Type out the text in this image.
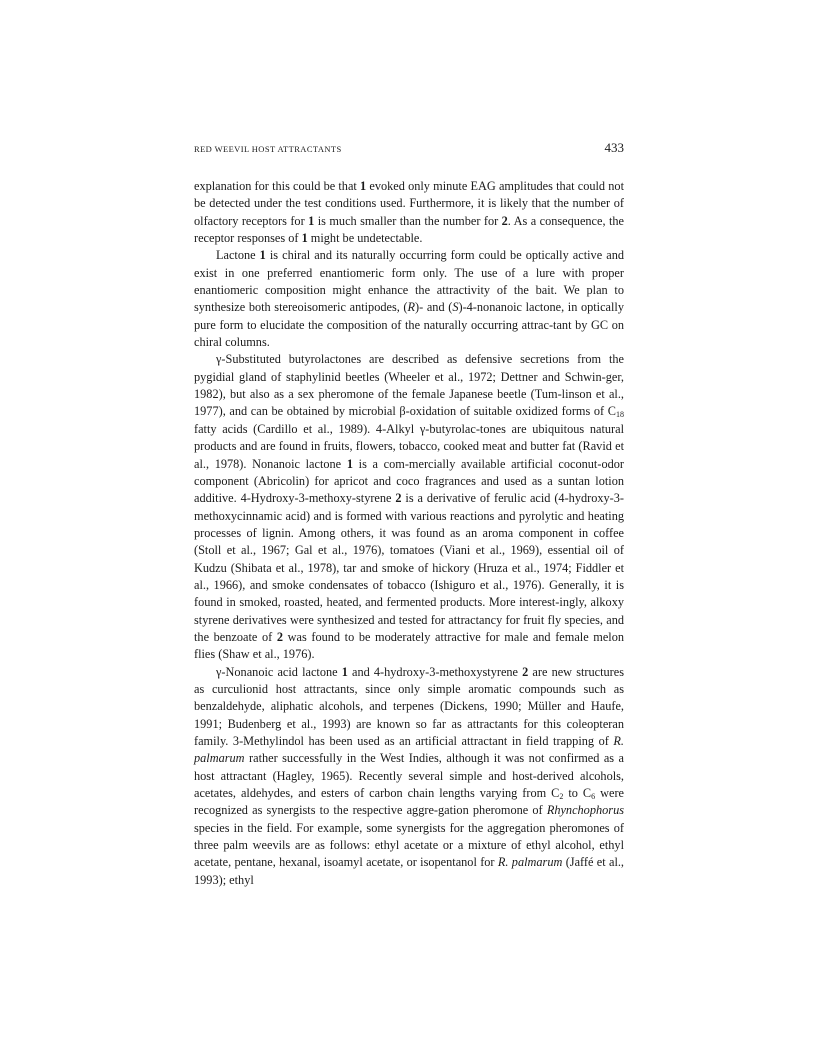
RED WEEVIL HOST ATTRACTANTS	433

explanation for this could be that 1 evoked only minute EAG amplitudes that could not be detected under the test conditions used. Furthermore, it is likely that the number of olfactory receptors for 1 is much smaller than the number for 2. As a consequence, the receptor responses of 1 might be undetectable.

Lactone 1 is chiral and its naturally occurring form could be optically active and exist in one preferred enantiomeric form only. The use of a lure with proper enantiomeric composition might enhance the attractivity of the bait. We plan to synthesize both stereoisomeric antipodes, (R)- and (S)-4-nonanoic lactone, in optically pure form to elucidate the composition of the naturally occurring attrac-tant by GC on chiral columns.

γ-Substituted butyrolactones are described as defensive secretions from the pygidial gland of staphylinid beetles (Wheeler et al., 1972; Dettner and Schwin-ger, 1982), but also as a sex pheromone of the female Japanese beetle (Tum-linson et al., 1977), and can be obtained by microbial β-oxidation of suitable oxidized forms of $C_{18}$ fatty acids (Cardillo et al., 1989). 4-Alkyl γ-butyrolac-tones are ubiquitous natural products and are found in fruits, flowers, tobacco, cooked meat and butter fat (Ravid et al., 1978). Nonanoic lactone 1 is a com-mercially available artificial coconut-odor component (Abricolin) for apricot and coco fragrances and used as a suntan lotion additive. 4-Hydroxy-3-methoxy-styrene 2 is a derivative of ferulic acid (4-hydroxy-3-methoxycinnamic acid) and is formed with various reactions and pyrolytic and heating processes of lignin. Among others, it was found as an aroma component in coffee (Stoll et al., 1967; Gal et al., 1976), tomatoes (Viani et al., 1969), essential oil of Kudzu (Shibata et al., 1978), tar and smoke of hickory (Hruza et al., 1974; Fiddler et al., 1966), and smoke condensates of tobacco (Ishiguro et al., 1976). Generally, it is found in smoked, roasted, heated, and fermented products. More interest-ingly, alkoxy styrene derivatives were synthesized and tested for attractancy for fruit fly species, and the benzoate of 2 was found to be moderately attractive for male and female melon flies (Shaw et al., 1976).

γ-Nonanoic acid lactone 1 and 4-hydroxy-3-methoxystyrene 2 are new structures as curculionid host attractants, since only simple aromatic compounds such as benzaldehyde, aliphatic alcohols, and terpenes (Dickens, 1990; Müller and Haufe, 1991; Budenberg et al., 1993) are known so far as attractants for this coleopteran family. 3-Methylindol has been used as an artificial attractant in field trapping of R. palmarum rather successfully in the West Indies, although it was not confirmed as a host attractant (Hagley, 1965). Recently several simple and host-derived alcohols, acetates, aldehydes, and esters of carbon chain lengths varying from $C_2$ to $C_6$ were recognized as synergists to the respective aggre-gation pheromone of Rhynchophorus species in the field. For example, some synergists for the aggregation pheromones of three palm weevils are as follows: ethyl acetate or a mixture of ethyl alcohol, ethyl acetate, pentane, hexanal, isoamyl acetate, or isopentanol for R. palmarum (Jaffé et al., 1993); ethyl
